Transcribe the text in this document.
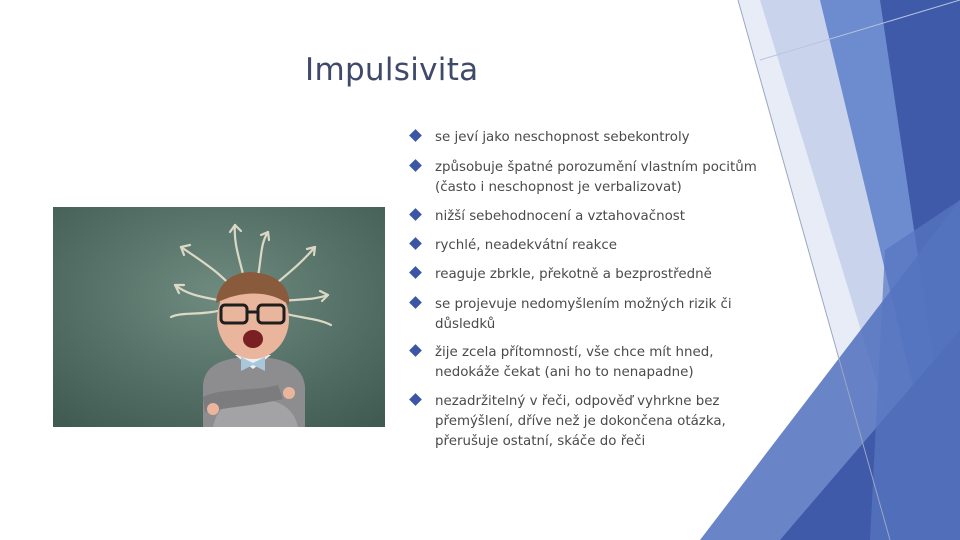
Impulsivita
se jeví jako neschopnost sebekontroly
způsobuje špatné porozumění vlastním pocitům (často i neschopnost je verbalizovat)
nižší sebehodnocení a vztahovačnost
rychlé, neadekvátní reakce
reaguje zbrkle, překotně a bezprostředně
se projevuje nedomyšlením možných rizik či důsledků
žije zcela přítomností, vše chce mít hned, nedokáže čekat (ani ho to nenapadne)
nezadržitelný v řeči, odpověď vyhrkne bez přemýšlení, dříve než je dokončena otázka, přerušuje ostatní, skáče do řeči
